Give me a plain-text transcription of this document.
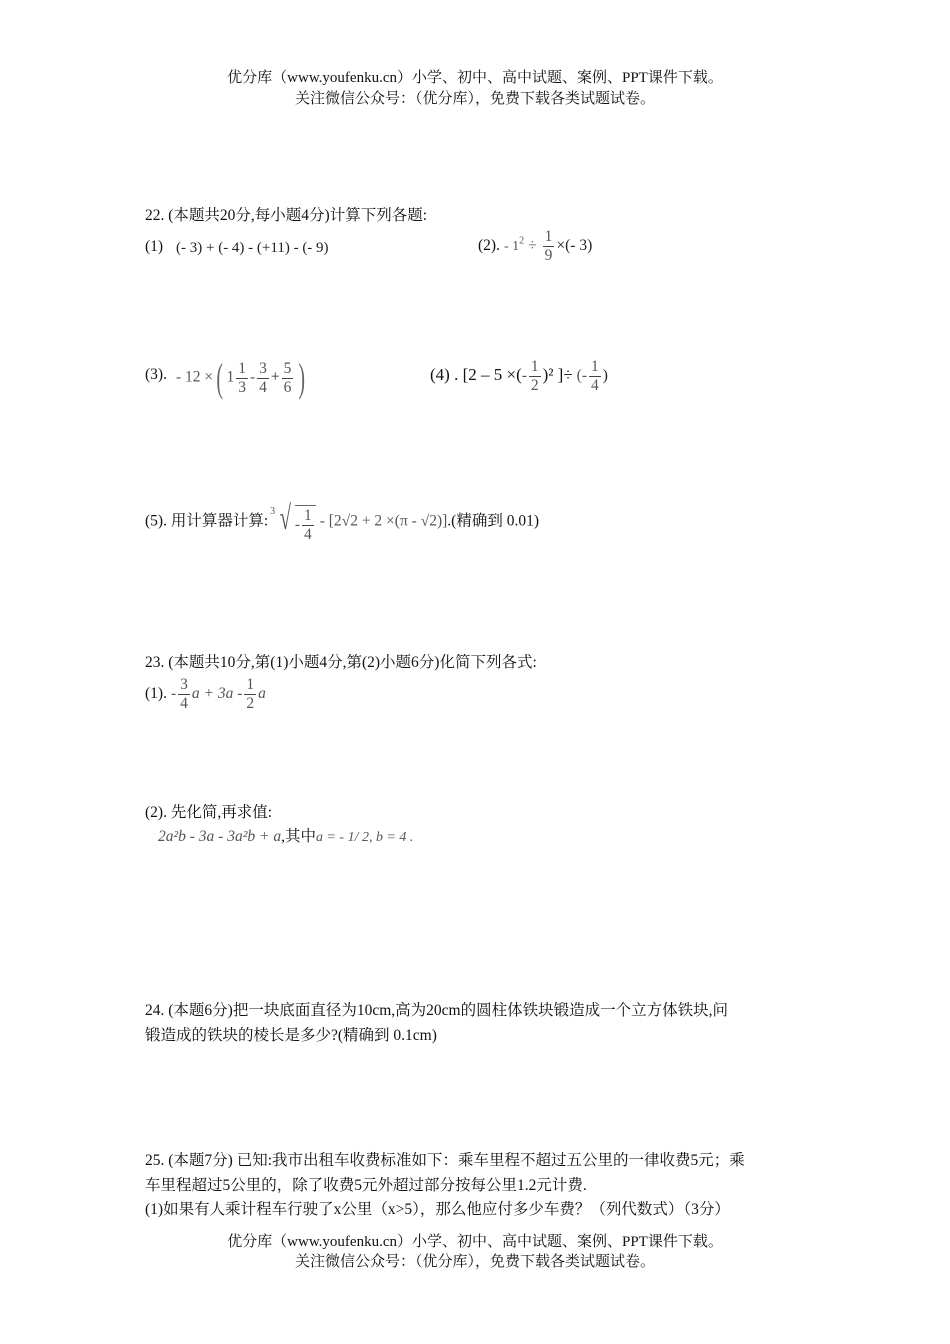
优分库（www.youfenku.cn）小学、初中、高中试题、案例、PPT课件下载。
关注微信公众号：（优分库），免费下载各类试题试卷。
22. (本题共20分,每小题4分)计算下列各题:
(1) (- 3) + (- 4) - (+11) - (- 9)	(2). - $1^2 \div \frac{1}{9}$ ×(- 3)
(3). - 12 ×( $1 \frac{1}{3} - \frac{3}{4} + \frac{5}{6}$ )	(4) . [2 – 5 ×(- $\frac{1}{2} )^2$ ]÷ (- $\frac{1}{4}$ )
(5). 用计算器计算:
3 √ - $\frac{1}{4} - [2√2 + 2 \times(\pi - √2)]$.(精确到 0.01)
23. (本题共10分,第(1)小题4分,第(2)小题6分)化简下列各式:
(1). - $\frac{3}{4}$ $a + 3a - \frac{1}{2}$ a
(2). 先化简,再求值:
2a²b - 3a - 3a²b + a,其中a = - 1/ 2, b = 4 .
24. (本题6分)把一块底面直径为10cm,高为20cm的圆柱体铁块锻造成一个立方体铁块,问
锻造成的铁块的棱长是多少?(精确到 0.1cm)
25. (本题7分) 已知:我市出租车收费标准如下：乘车里程不超过五公里的一律收费5元；乘
车里程超过5公里的，除了收费5元外超过部分按每公里1.2元计费.
(1)如果有人乘计程车行驶了x公里（x>5），那么他应付多少车费？（列代数式）（3分）
优分库（www.youfenku.cn）小学、初中、高中试题、案例、PPT课件下载。
关注微信公众号：（优分库），免费下载各类试题试卷。
